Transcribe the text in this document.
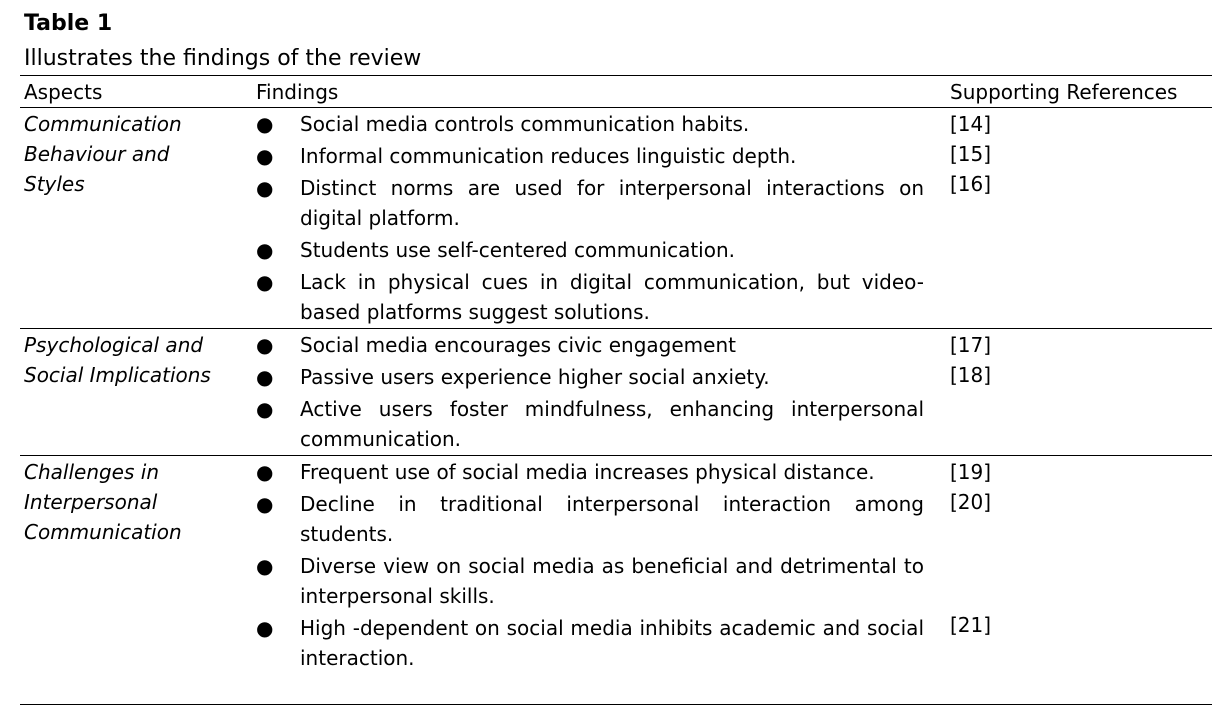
Table 1
Illustrates the findings of the review
Aspects	Findings	Supporting References
Communication
Behaviour and
Styles
● Social media controls communication habits.
● Informal communication reduces linguistic depth.
● Distinct norms are used for interpersonal interactions on digital platform.
● Students use self-centered communication.
● Lack in physical cues in digital communication, but video-based platforms suggest solutions.
[14]
[15]
[16]
Psychological and
Social Implications
● Social media encourages civic engagement
● Passive users experience higher social anxiety.
● Active users foster mindfulness, enhancing interpersonal communication.
[17]
[18]
Challenges in
Interpersonal
Communication
● Frequent use of social media increases physical distance.
● Decline in traditional interpersonal interaction among students.
● Diverse view on social media as beneficial and detrimental to interpersonal skills.
● High -dependent on social media inhibits academic and social interaction.
[19]
[20]
[21]
